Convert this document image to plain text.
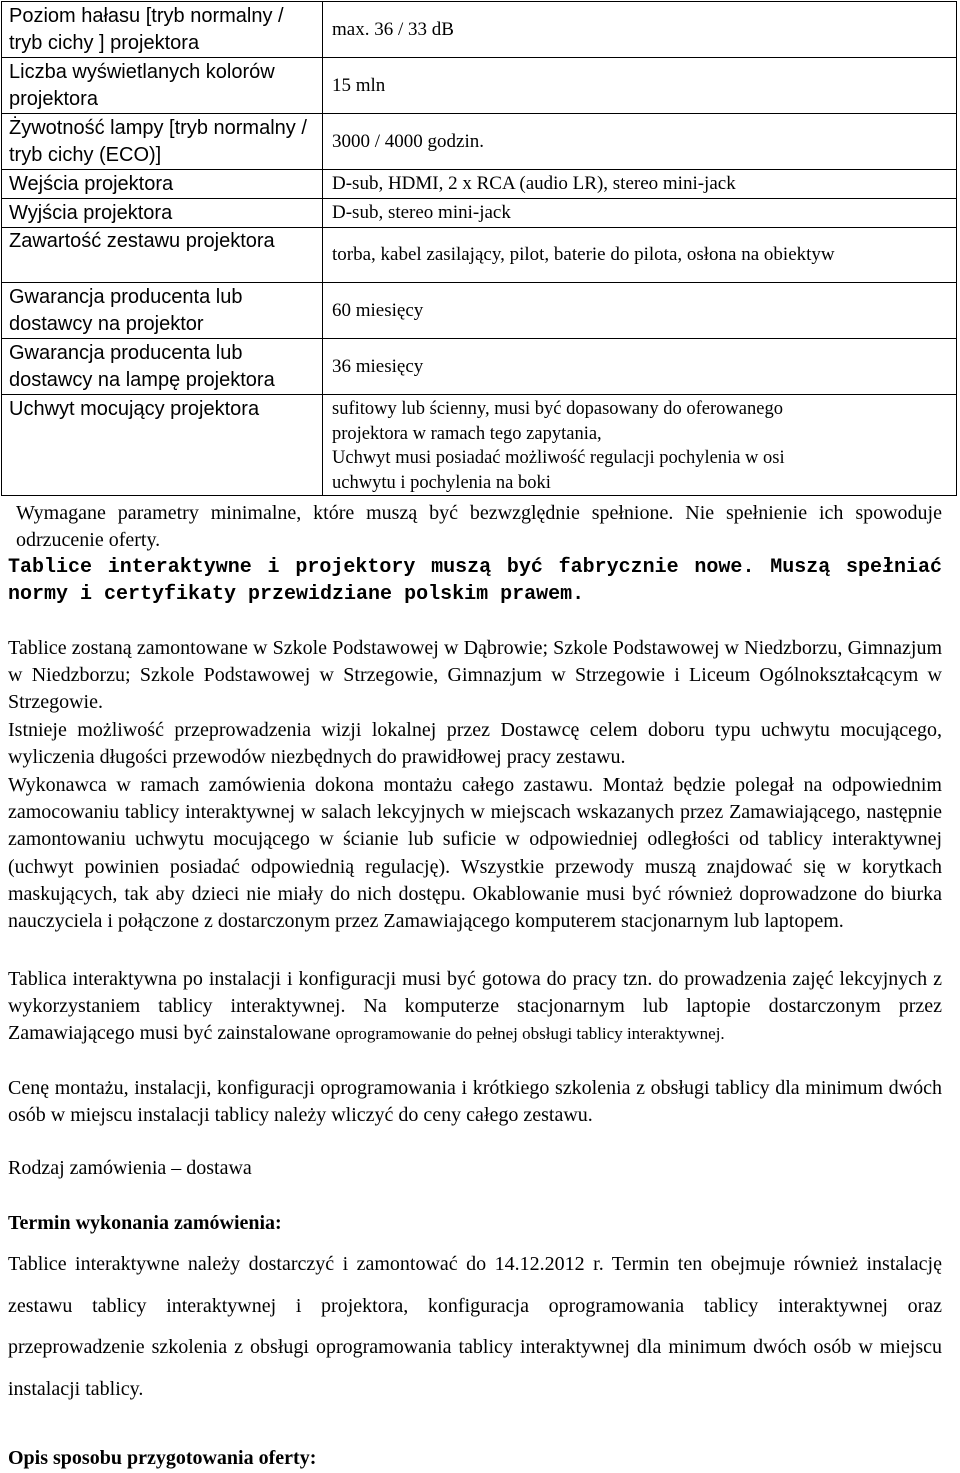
Poziom hałasu [tryb normalny / tryb cichy ] projektora	max. 36 / 33 dB
Liczba wyświetlanych kolorów projektora	15 mln
Żywotność lampy [tryb normalny / tryb cichy (ECO)]	3000 / 4000 godzin.
Wejścia projektora	D-sub, HDMI, 2 x RCA (audio LR), stereo mini-jack
Wyjścia projektora	D-sub, stereo mini-jack
Zawartość zestawu projektora	torba, kabel zasilający, pilot, baterie do pilota, osłona na obiektyw
Gwarancja producenta lub dostawcy na projektor	60 miesięcy
Gwarancja producenta lub dostawcy na lampę projektora	36 miesięcy
Uchwyt mocujący projektora	sufitowy lub ścienny, musi być dopasowany do oferowanego
projektora w ramach tego zapytania,
Uchwyt musi posiadać możliwość regulacji pochylenia w osi
uchwytu i pochylenia na boki

Wymagane parametry minimalne, które muszą być bezwzględnie spełnione. Nie spełnienie ich spowoduje odrzucenie oferty.

Tablice interaktywne i projektory muszą być fabrycznie nowe. Muszą spełniać normy i certyfikaty przewidziane polskim prawem.

Tablice zostaną zamontowane w Szkole Podstawowej w Dąbrowie; Szkole Podstawowej w Niedzborzu, Gimnazjum w Niedzborzu; Szkole Podstawowej w Strzegowie, Gimnazjum w Strzegowie i Liceum Ogólnokształcącym w Strzegowie.

Istnieje możliwość przeprowadzenia wizji lokalnej przez Dostawcę celem doboru typu uchwytu mocującego, wyliczenia długości przewodów niezbędnych do prawidłowej pracy zestawu.

Wykonawca w ramach zamówienia dokona montażu całego zastawu. Montaż będzie polegał na odpowiednim zamocowaniu tablicy interaktywnej w salach lekcyjnych w miejscach wskazanych przez Zamawiającego, następnie zamontowaniu uchwytu mocującego w ścianie lub suficie w odpowiedniej odległości od tablicy interaktywnej (uchwyt powinien posiadać odpowiednią regulację). Wszystkie przewody muszą znajdować się w korytkach maskujących, tak aby dzieci nie miały do nich dostępu. Okablowanie musi być również doprowadzone do biurka nauczyciela i połączone z dostarczonym przez Zamawiającego komputerem stacjonarnym lub laptopem.

Tablica interaktywna po instalacji i konfiguracji musi być gotowa do pracy tzn. do prowadzenia zajęć lekcyjnych z wykorzystaniem tablicy interaktywnej. Na komputerze stacjonarnym lub laptopie dostarczonym przez Zamawiającego musi być zainstalowane oprogramowanie do pełnej obsługi tablicy interaktywnej.

Cenę montażu, instalacji, konfiguracji oprogramowania i krótkiego szkolenia z obsługi tablicy dla minimum dwóch osób w miejscu instalacji tablicy należy wliczyć do ceny całego zestawu.

Rodzaj zamówienia – dostawa

Termin wykonania zamówienia:

Tablice interaktywne należy dostarczyć i zamontować do 14.12.2012 r. Termin ten obejmuje również instalację zestawu tablicy interaktywnej i projektora, konfiguracja oprogramowania tablicy interaktywnej oraz przeprowadzenie szkolenia z obsługi oprogramowania tablicy interaktywnej dla minimum dwóch osób w miejscu instalacji tablicy.

Opis sposobu przygotowania oferty:
